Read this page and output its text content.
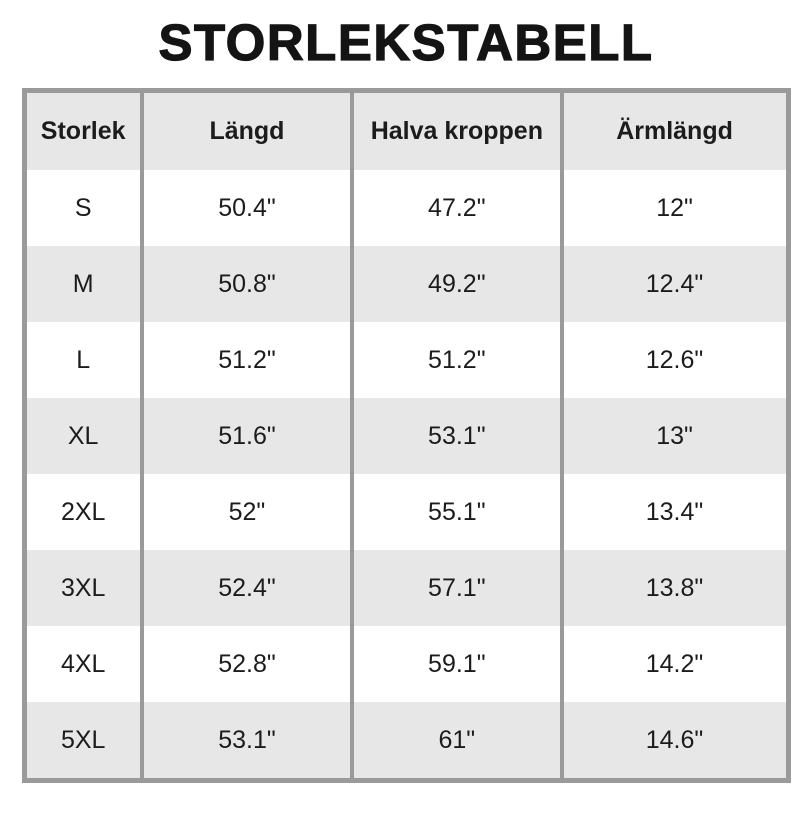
STORLEKSTABELL
Storlek	Längd	Halva kroppen	Ärmlängd
S	50.4"	47.2"	12"
M	50.8"	49.2"	12.4"
L	51.2"	51.2"	12.6"
XL	51.6"	53.1"	13"
2XL	52"	55.1"	13.4"
3XL	52.4"	57.1"	13.8"
4XL	52.8"	59.1"	14.2"
5XL	53.1"	61"	14.6"
